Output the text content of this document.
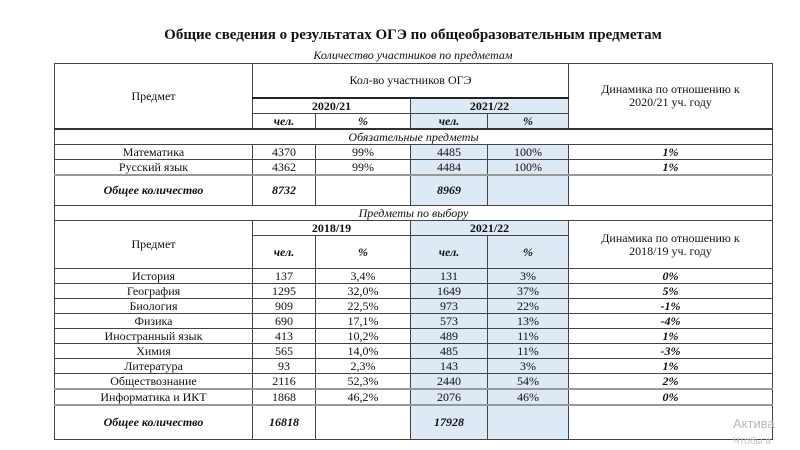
Общие сведения о результатах ОГЭ по общеобразовательным предметам
Количество участников по предметам
Предмет	Кол-во участников ОГЭ				Динамика по отношению к 2020/21 уч. году
	2020/21		2021/22		
	чел.	%	чел.	%	
Обязательные предметы					
Математика	4370	99%	4485	100%	1%
Русский язык	4362	99%	4484	100%	1%
Общее количество	8732		8969		
Предметы по выбору					
Предмет	2018/19		2021/22		Динамика по отношению к 2018/19 уч. году
	чел.	%	чел.	%	
История	137	3,4%	131	3%	0%
География	1295	32,0%	1649	37%	5%
Биология	909	22,5%	973	22%	-1%
Физика	690	17,1%	573	13%	-4%
Иностранный язык	413	10,2%	489	11%	1%
Химия	565	14,0%	485	11%	-3%
Литература	93	2,3%	143	3%	1%
Обществознание	2116	52,3%	2440	54%	2%
Информатика и ИКТ	1868	46,2%	2076	46%	0%
Общее количество	16818		17928			Актива
Чтобы а
